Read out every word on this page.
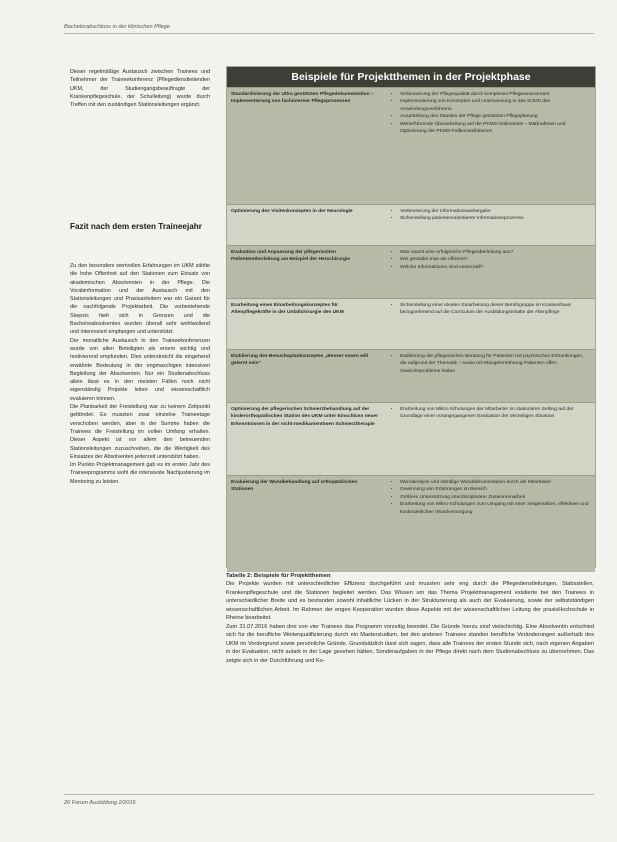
Bachelorabschluss in der klinischen Pflege

Dieser regelmäßige Austausch zwischen Trainees und Teilnehmer der Traineekonferenz (Pflegedienstleitenden UKM, der Studiengangsbeauftragte der Krankenpflegeschule, der Schulleitung) wurde durch Treffen mit den zuständigen Stationsleitungen ergänzt.

Fazit nach dem ersten Traineejahr

Zu den besonders wertvollen Erfahrungen im UKM zählte die hohe Offenheit auf den Stationen zum Einsatz von akademischen Absolventen in der Pflege. Die Vorabinformation und der Austausch mit den Stationsleitungen und Praxisanleitern war ein Garant für die nachfolgende Projektarbeit. Die vorbestehende Skepsis hielt sich in Grenzen und die Bachelorabsolventen wurden überall sehr wohlwollend und interessiert empfangen und unterstützt.

Der monatliche Austausch in den Traineekonferenzen wurde von allen Beteiligten als enorm wichtig und motivierend empfunden. Dies unterstreicht die eingehend erwähnte Bedeutung in der engmaschigen intensiven Begleitung der Absolventen. Nur ein Studienabschluss allein lässt es in den meisten Fällen noch nicht eigenständig Projekte leiten und wissenschaftlich evaluieren können.

Die Planbarkeit der Freistellung war zu keinem Zeitpunkt gefährdet. Es mussten zwar einzelne Traineetage verschoben werden, aber in der Summe haben die Trainees die Freistellung im vollen Umfang erhalten. Dieser Aspekt ist vor allem den betreuenden Stationsleitungen zuzuschreiben, die die Wertigkeit des Einsatzes der Absolventen jederzeit unterstützt haben.

Im Punkto Projektmanagement gab es im ersten Jahr des Traineeprogramms wohl die intensivste Nachjustierung im Mentoring zu leisten.

Beispiele für Projektthemen in der Projektphase
Standardisierung der Ultra gestützten Pflegedokumentation – Implementierung von fachinterner Pflegeprozessen
• Verbesserung der Pflegequalität durch komplexes Pflegeassessment
• Implementierung von Konzepten und Unterweisung in das Schritt des Anwendungsverfahrens
• Ausarbeitung des Standes der Pflege gestützten Pflegeplanung
• Weiterführende Überarbeitung auf die PKMS-Onlinetools – Maßnahmen und Optimierung der PKMS-Fallkonstellationen
Optimierung des Visitenkonzeptes in der Neurologie
•	Verbesserung der Informationsweitergabe
• Sicherstellung patientenorientierter Informationsprozesse
Evaluation und Anpassung der pflegerischen Patientenüberleitung am Beispiel der Herzchirurgie
• Was macht eine erfolgreiche Pflegeüberleitung aus?
• Wie gestaltet man sie effizient?
• Welche Informationen sind essenziell?
Erarbeitung eines Einarbeitungskonzeptes für Altenpflegekräfte in der Unfallchirurgie des UKM
• Sicherstellung einer idealen Einarbeitung dieser Berufsgruppe im Krankenhaus bezugnehmend auf die Curriculum der Ausbildungsinhalte der Altenpflege
Etablierung des Besuchsplankonzeptes „Besser essen will gelernt sein“
• Etablierung der pflegerischen Beratung für Patienten mit psychischen Erkrankungen, die aufgrund der Thematik – sowie mit Mangelernährung Patienten offen Gewichtsprobleme leiden
Optimierung der pflegerischen Schmerzbehandlung auf der kinderorthopädischen Station des UKM unter Einschluss neuer Erkenntnissen in der nicht-medikamentösen Schmerztherapie
• Erarbeitung von Mikro-Schulungen der Mitarbeiter im stationären Setting auf der Grundlage einer vorangegangenen Evaluation der derzeitigen Situation
Evaluierung der Wundbehandlung auf orthopädischen Stationen
• Wundanalyse und ständige Wunddokumentation durch die Mitarbeiter
• Gewinnung von Erfahrungen im Bereich
• Größere Unterstützung interdisziplinärer Zusammenarbeit
• Erarbeitung von Mikro-Schulungen zum Umgang mit einer zeitgemäßen, effektiven und kontinuierlichen Wundversorgung
Tabelle 2: Beispiele für Projektthemen

Die Projekte wurden mit unterschiedlicher Effizienz durchgeführt und mussten sehr eng durch die Pflegedienstleitungen, Stabsstellen, Krankenpflegeschule und die Stationen begleitet werden. Das Wissen um das Thema Projektmanagement existierte bei den Trainees in unterschiedlicher Breite und es bestanden sowohl inhaltliche Lücken in der Strukturierung als auch der Evaluierung, sowie der selbstständigen wissenschaftlichen Arbeit. Im Rahmen der engen Kooperation wurden diese Aspekte mit der wissenschaftlichen Leitung der praxisHochschule in Rheine bearbeitet.

Zum 31.07.2016 haben drei von vier Trainees das Programm vorzeitig beendet. Die Gründe hierzu sind vielschichtig. Eine Absolventin entschied sich für die berufliche Weiterqualifizierung durch ein Masterstudium, bei den anderen Trainees standen berufliche Veränderungen außerhalb des UKM im Vordergrund sowie persönliche Gründe. Grundsätzlich lässt sich sagen, dass alle Trainees der ersten Stunde sich, nach eigenen Angaben in der Evaluation, nicht autark in der Lage gesehen hätten, Sonderaufgaben in der Pflege direkt nach dem Studienabschluss zu übernehmen. Das zeigte sich in der Durchführung und Ko-

26 Forum Ausbildung 2/2016
